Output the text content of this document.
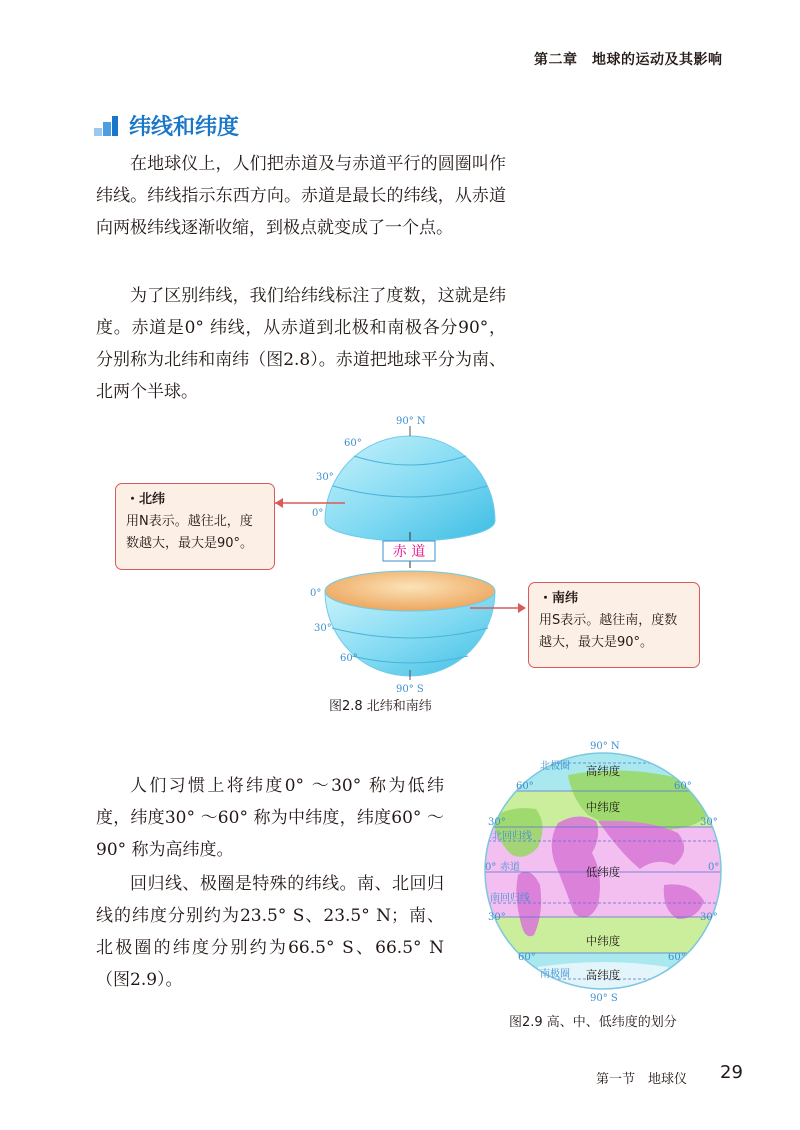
第二章　地球的运动及其影响
纬线和纬度

在地球仪上，人们把赤道及与赤道平行的圆圈叫作纬线。纬线指示东西方向。赤道是最长的纬线，从赤道向两极纬线逐渐收缩，到极点就变成了一个点。

为了区别纬线，我们给纬线标注了度数，这就是纬度。赤道是0° 纬线，从赤道到北极和南极各分90°，分别称为北纬和南纬（图2.8）。赤道把地球平分为南、北两个半球。

赤 道
90° N
60°
30°
0°
0°
30°
60°
90° S
・北纬
用N表示。越往北，度
数越大，最大是90°。
・南纬
用S表示。越往南，度数
越大，最大是90°。
图2.8 北纬和南纬

人们习惯上将纬度0° ～30° 称为低纬度，纬度30° ～60° 称为中纬度，纬度60° ～90° 称为高纬度。

回归线、极圈是特殊的纬线。南、北回归线的纬度分别约为23.5° S、23.5° N；南、北极圈的纬度分别约为66.5° S、66.5° N（图2.9）。

高纬度
中纬度
低纬度
中纬度
高纬度
90° N
90° S
60°	60°
30°	30°
0° 赤道	0°
30°	30°
60°	60°
北极圈
北回归线
南回归线
南极圈
图2.9 高、中、低纬度的划分
第一节　地球仪 29
